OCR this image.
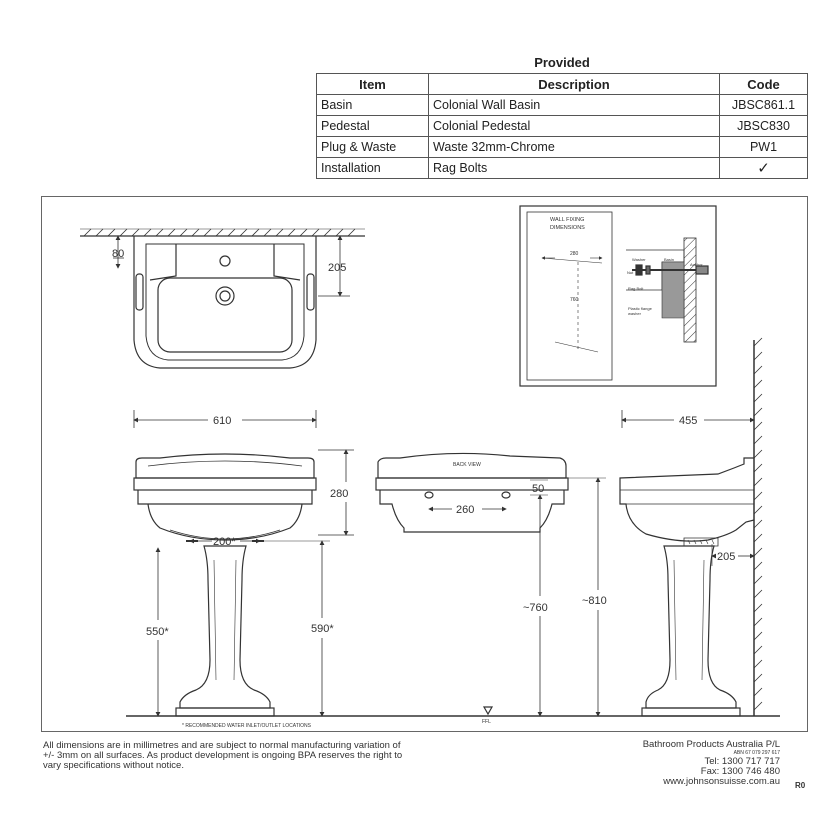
Provided
Item	Description	Code
Basin	Colonial Wall Basin	JBSC861.1
Pedestal	Colonial Pedestal	JBSC830
Plug & Waste	Waste 32mm-Chrome	PW1
Installation	Rag Bolts	✓
80
205
610
280
200*
550*	590*
BACK VIEW
260
50
~760
~810
455
205
FFL
* RECOMMENDED WATER INLET/OUTLET LOCATIONS
WALL FIXING
DIMENSIONS
280
760
Washer	Basin
Anchor
Nut
Rag Bolt
Plastic flange
washer
All dimensions are in millimetres and are subject to normal manufacturing variation of
+/- 3mm on all surfaces. As product development is ongoing BPA reserves the right to
vary specifications without notice.
Bathroom Products Australia P/L
ABN 67 079 297 617
Tel: 1300 717 717
Fax: 1300 746 480
www.johnsonsuisse.com.au R0
